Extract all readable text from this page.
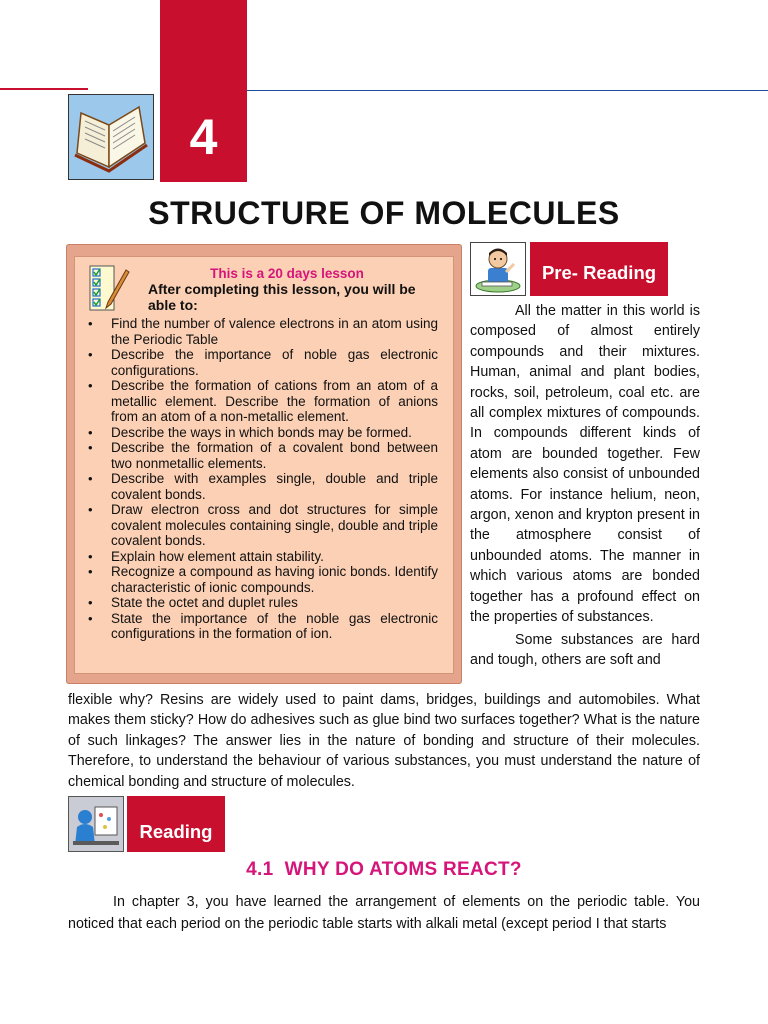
4
STRUCTURE OF MOLECULES
This is a 20 days lesson
After completing this lesson, you will be able to:
• Find the number of valence electrons in an atom using the Periodic Table
• Describe the importance of noble gas electronic configurations.
• Describe the formation of cations from an atom of a metallic element. Describe the formation of anions from an atom of a non-metallic element.
• Describe the ways in which bonds may be formed.
• Describe the formation of a covalent bond between two nonmetallic elements.
• Describe with examples single, double and triple covalent bonds.
• Draw electron cross and dot structures for simple covalent molecules containing single, double and triple covalent bonds.
• Explain how element attain stability.
• Recognize a compound as having ionic bonds. Identify characteristic of ionic compounds.
• State the octet and duplet rules
• State the importance of the noble gas electronic configurations in the formation of ion.
Pre- Reading

All the matter in this world is composed of almost entirely compounds and their mixtures. Human, animal and plant bodies, rocks, soil, petroleum, coal etc. are all complex mixtures of compounds. In compounds different kinds of atom are bounded together. Few elements also consist of unbounded atoms. For instance helium, neon, argon, xenon and krypton present in the atmosphere consist of unbounded atoms. The manner in which various atoms are bonded together has a profound effect on the properties of substances.

Some substances are hard and tough, others are soft and

flexible why? Resins are widely used to paint dams, bridges, buildings and automobiles. What makes them sticky? How do adhesives such as glue bind two surfaces together? What is the nature of such linkages? The answer lies in the nature of bonding and structure of their molecules. Therefore, to understand the behaviour of various substances, you must understand the nature of chemical bonding and structure of molecules.

Reading
4.1  WHY DO ATOMS REACT?

In chapter 3, you have learned the arrangement of elements on the periodic table. You noticed that each period on the periodic table starts with alkali metal (except period I that starts
